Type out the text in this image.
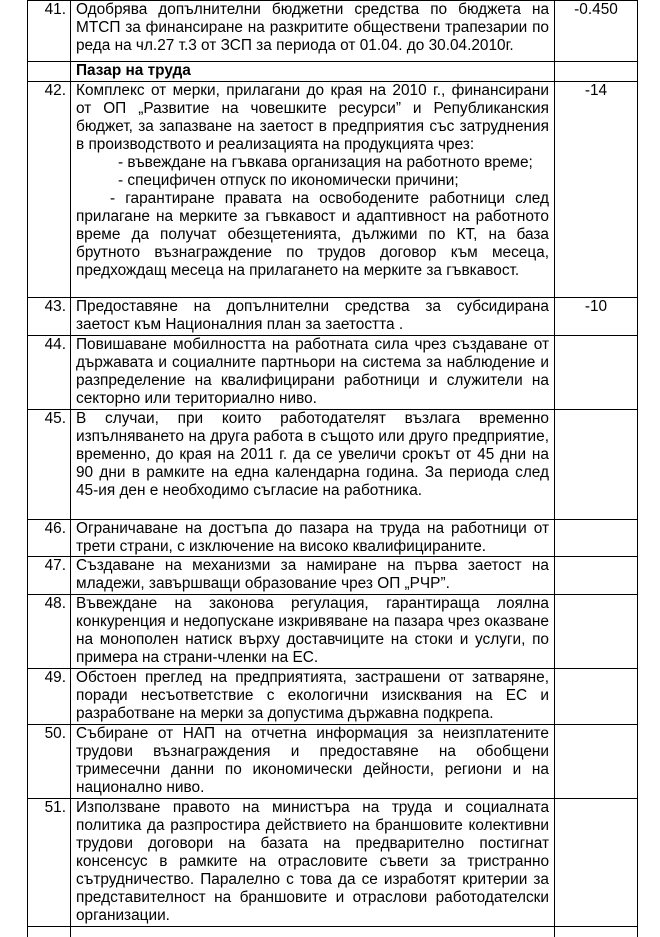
41.	Одобрява допълнителни бюджетни средства по бюджета на МТСП за финансиране на разкритите обществени трапезарии по реда на чл.27 т.3 от ЗСП за периода от 01.04. до 30.04.2010г.	-0.450
	Пазар на труда	
42.	Комплекс от мерки, прилагани до края на 2010 г., финансирани от ОП „Развитие на човешките ресурси” и Републиканския бюджет, за запазване на заетост в предприятия със затруднения в производството и реализацията на продукцията чрез:
- въвеждане на гъвкава организация на работното време;
- специфичен отпуск по икономически причини;
- гарантиране правата на освободените работници след прилагане на мерките за гъвкавост и адаптивност на работното време да получат обезщетенията, дължими по КТ, на база брутното възнаграждение по трудов договор към месеца, предхождащ месеца на прилагането на мерките за гъвкавост.	-14
43.	Предоставяне на допълнителни средства за субсидирана заетост към Националния план за заетостта .	-10
44.	Повишаване мобилността на работната сила чрез създаване от държавата и социалните партньори на система за наблюдение и разпределение на квалифицирани работници и служители на секторно или териториално ниво.	

45.	В случаи, при които работодателят възлага временно изпълняването на друга работа в същото или друго предприятие, временно, до края на 2011 г. да се увеличи срокът от 45 дни на 90 дни в рамките на една календарна година. За периода след 45-ия ден е необходимо съгласие на работника.	

46.	Ограничаване на достъпа до пазара на труда на работници от трети страни, с изключение на високо квалифицираните.	

47.	Създаване на механизми за намиране на първа заетост на младежи, завършващи образование чрез ОП „РЧР”.	

48.	Въвеждане на законова регулация, гарантираща лоялна конкуренция и недопускане изкривяване на пазара чрез оказване на монополен натиск върху доставчиците на стоки и услуги, по примера на страни-членки на ЕС.	

49.	Обстоен преглед на предприятията, застрашени от затваряне, поради несъответствие с екологични изисквания на ЕС и разработване на мерки за допустима държавна подкрепа.	

50.	Събиране от НАП на отчетна информация за неизплатените трудови възнаграждения и предоставяне на обобщени тримесечни данни по икономически дейности, региони и на национално ниво.	

51.	Използване правото на министъра на труда и социалната политика да разпростира действието на браншовите колективни трудови договори на базата на предварително постигнат консенсус в рамките на отрасловите съвети за тристранно сътрудничество. Паралелно с това да се изработят критерии за представителност на браншовите и отраслови работодателски организации.	
